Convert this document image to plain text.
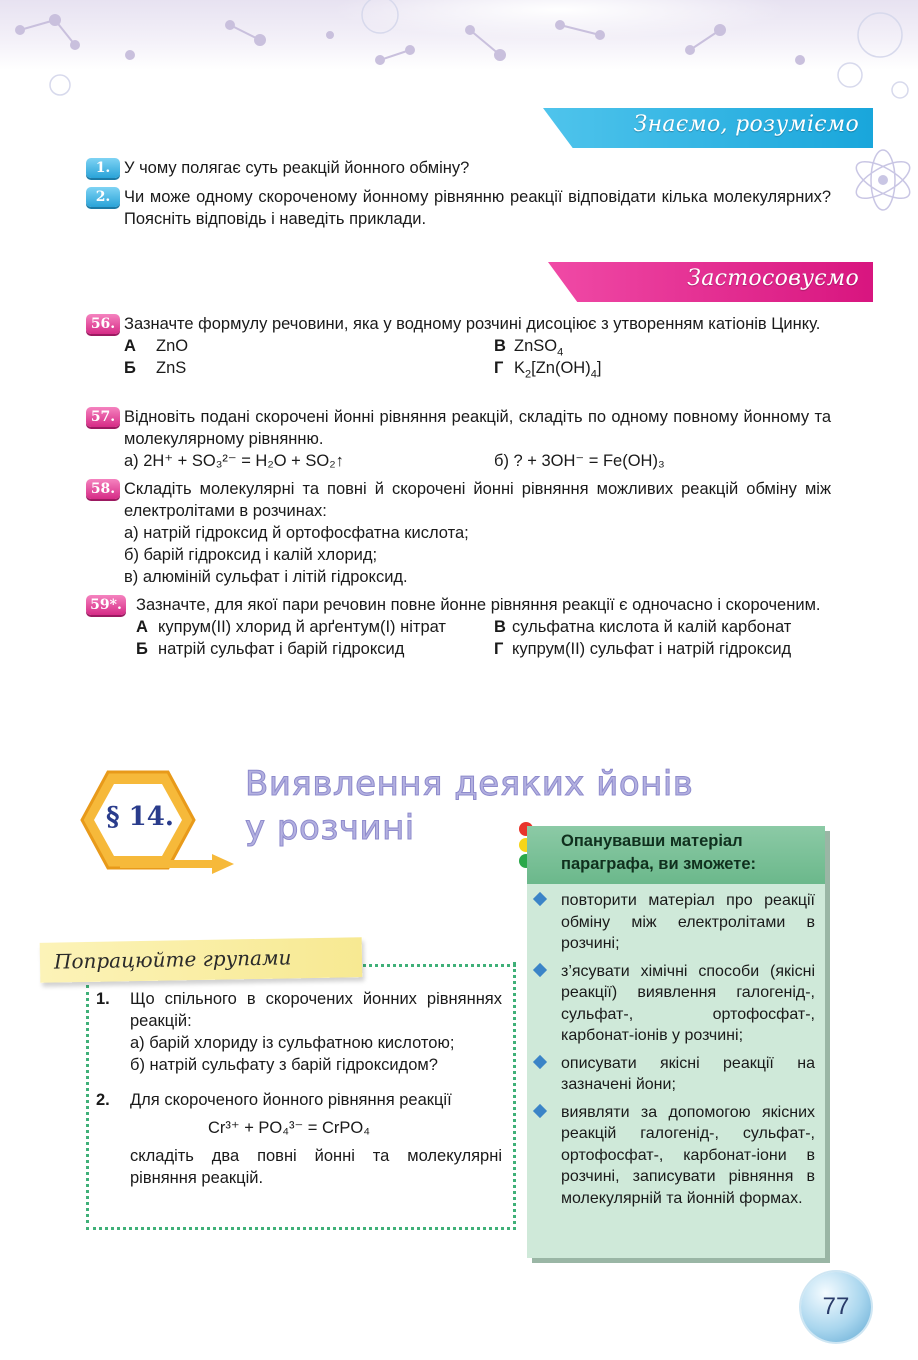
Знаємо, розуміємо
1. У чому полягає суть реакцій йонного обміну?
2. Чи може одному скороченому йонному рівнянню реакції відповідати кілька молекулярних? Поясніть відповідь і наведіть приклади.
Застосовуємо
56. Зазначте формулу речовини, яка у водному розчині дисоціює з утворенням катіонів Цинку.
А ZnO
Б ZnS
В ZnSO$_4$
Г $K_2[Zn(OH)_4]$
57. Відновіть подані скорочені йонні рівняння реакцій, складіть по одному повному йонному та молекулярному рівнянню.
а) 2H⁺ + SO₃²⁻ = H₂O + SO₂↑	б) ? + 3OH⁻ = Fe(OH)₃
58. Складіть молекулярні та повні й скорочені йонні рівняння можливих реакцій обміну між електролітами в розчинах:
а) натрій гідроксид й ортофосфатна кислота;
б) барій гідроксид і калій хлорид;
в) алюміній сульфат і літій гідроксид.
59*. Зазначте, для якої пари речовин повне йонне рівняння реакції є одночасно і скороченим.
А купрум(ІІ) хлорид й арґентум(І) нітрат
Б натрій сульфат і барій гідроксид
В сульфатна кислота й калій карбонат
Г купрум(ІІ) сульфат і натрій гідроксид
§ 14.
Виявлення деяких йонів
у розчині	Опанувавши матеріал параграфа, ви зможете:
повторити матеріал про реакції обміну між електролітами в розчині;
з’ясувати хімічні способи (якісні реакції) виявлення галогенід-, сульфат-, ортофосфат-, карбонат-іонів у розчині;
описувати якісні реакції на зазначені йони;
виявляти за допомогою якісних реакцій галогенід-, сульфат-, ортофосфат-, карбонат-іони в розчині, записувати рівняння в молекулярній та йонній формах.
Попрацюйте групами
1. Що спільного в скорочених йонних рівняннях реакцій:
а) барій хлориду із сульфатною кислотою;
б) натрій сульфату з барій гідроксидом?
2. Для скороченого йонного рівняння реакції
Cr³⁺ + PO₄³⁻ = CrPO₄
складіть два повні йонні та молекулярні рівняння реакцій.
77
